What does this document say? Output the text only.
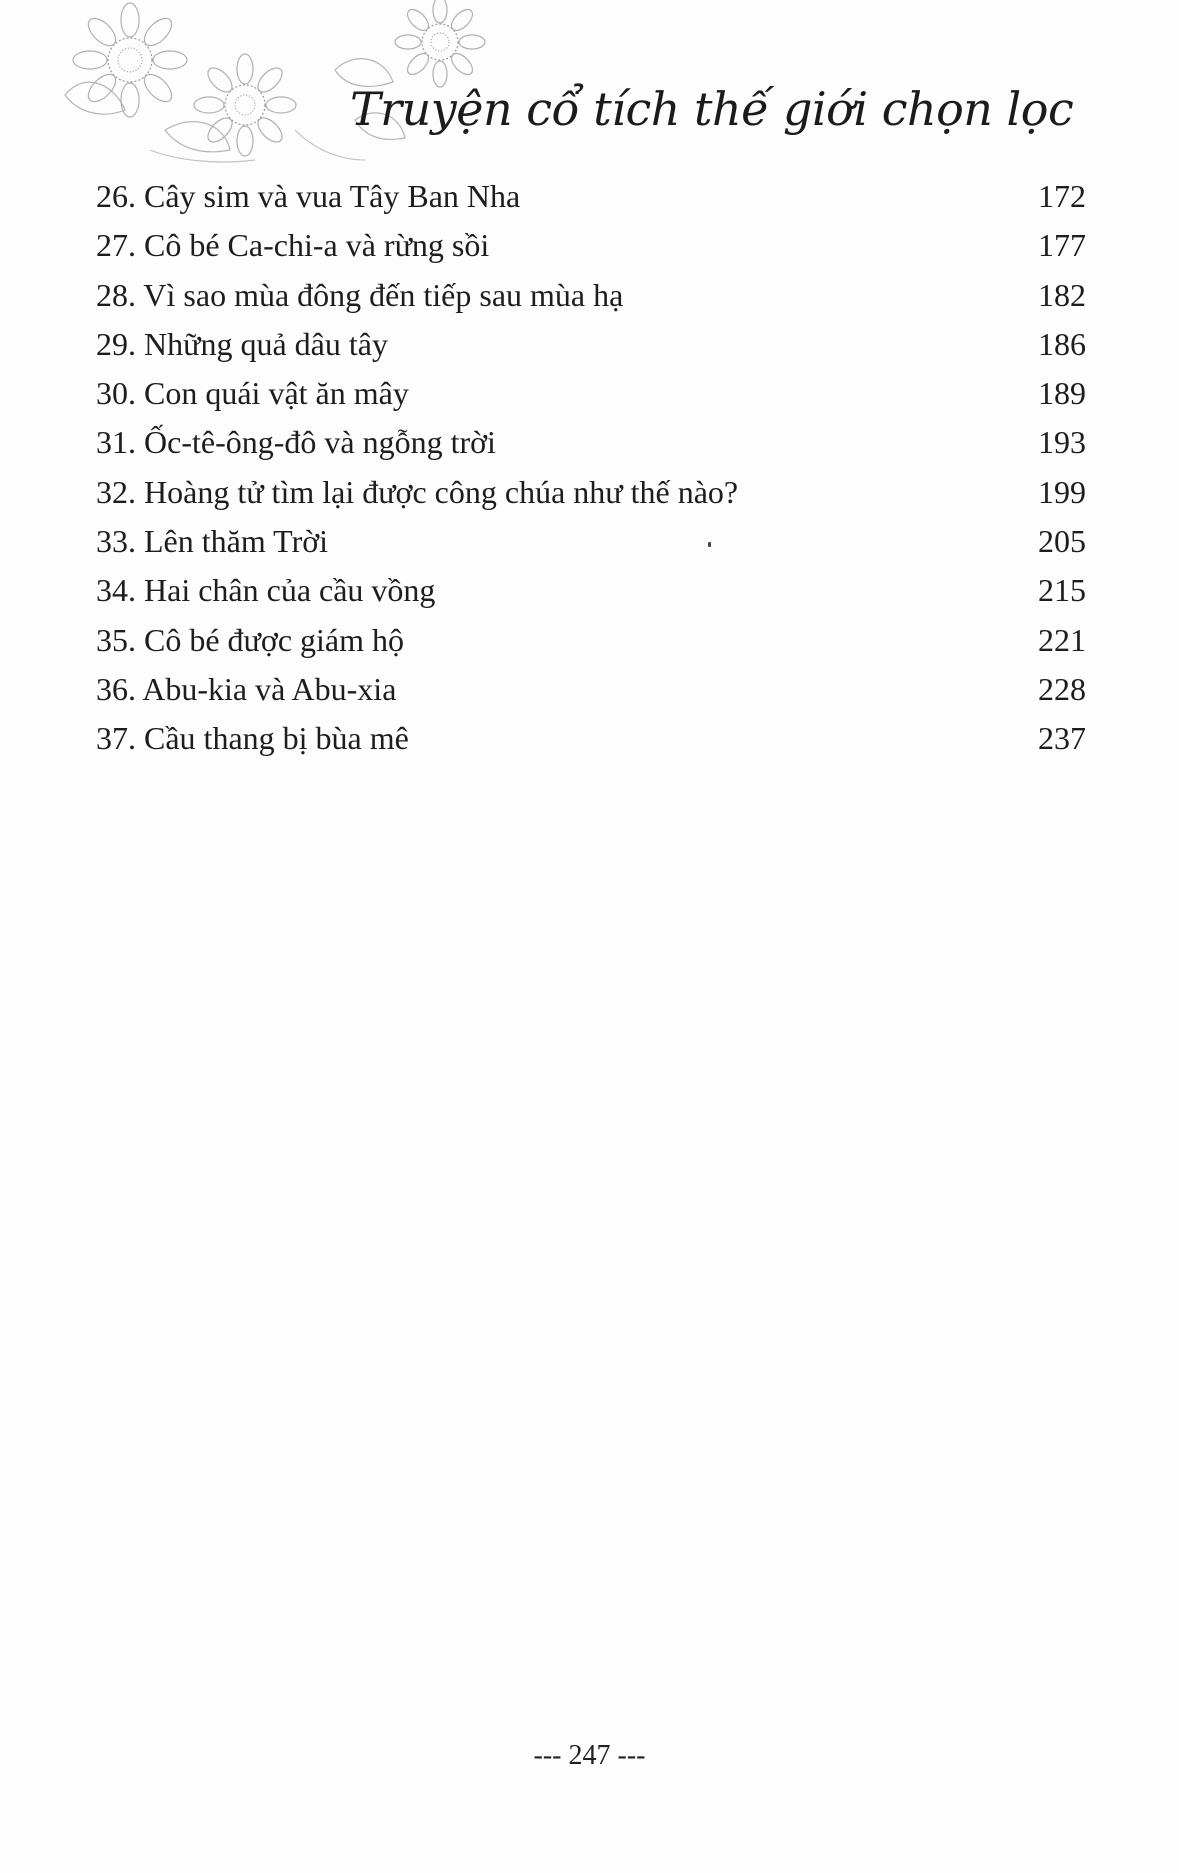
Truyện cổ tích thế giới chọn lọc
26. Cây sim và vua Tây Ban Nha	172
27. Cô bé Ca-chi-a và rừng sồi	177
28. Vì sao mùa đông đến tiếp sau mùa hạ	182
29. Những quả dâu tây	186
30. Con quái vật ăn mây	189
31. Ốc-tê-ông-đô và ngỗng trời	193
32. Hoàng tử tìm lại được công chúa như thế nào?	199
33. Lên thăm Trời	205
34. Hai chân của cầu vồng	215
35. Cô bé được giám hộ	221
36. Abu-kia và Abu-xia	228
37. Cầu thang bị bùa mê	237
--- 247 ---
